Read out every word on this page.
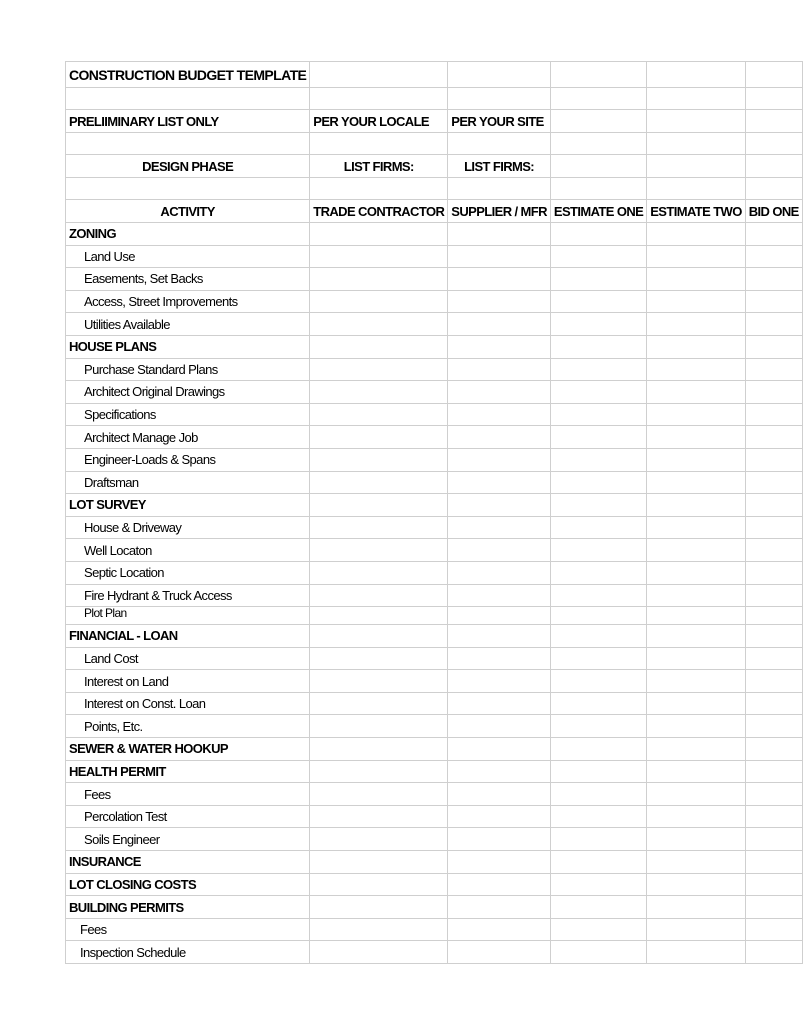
CONSTRUCTION BUDGET TEMPLATE					

PRELIIMINARY LIST ONLY	PER YOUR LOCALE	PER YOUR SITE			

DESIGN PHASE	LIST FIRMS:	LIST FIRMS:			

ACTIVITY	TRADE CONTRACTOR	SUPPLIER / MFR	ESTIMATE ONE	ESTIMATE TWO	BID ONE
ZONING					
Land Use					
Easements, Set Backs					
Access, Street Improvements					
Utilities Available					
HOUSE PLANS					
Purchase Standard Plans					
Architect Original Drawings					
Specifications					
Architect Manage Job					
Engineer-Loads & Spans					
Draftsman					
LOT SURVEY					
House & Driveway					
Well Locaton					
Septic Location					
Fire Hydrant & Truck Access					
Plot Plan					
FINANCIAL - LOAN					
Land Cost					
Interest on Land					
Interest on Const. Loan					
Points, Etc.					
SEWER & WATER HOOKUP					
HEALTH PERMIT					
Fees					
Percolation Test					
Soils Engineer					
INSURANCE					
LOT CLOSING COSTS					
BUILDING PERMITS					
Fees					
Inspection Schedule					
